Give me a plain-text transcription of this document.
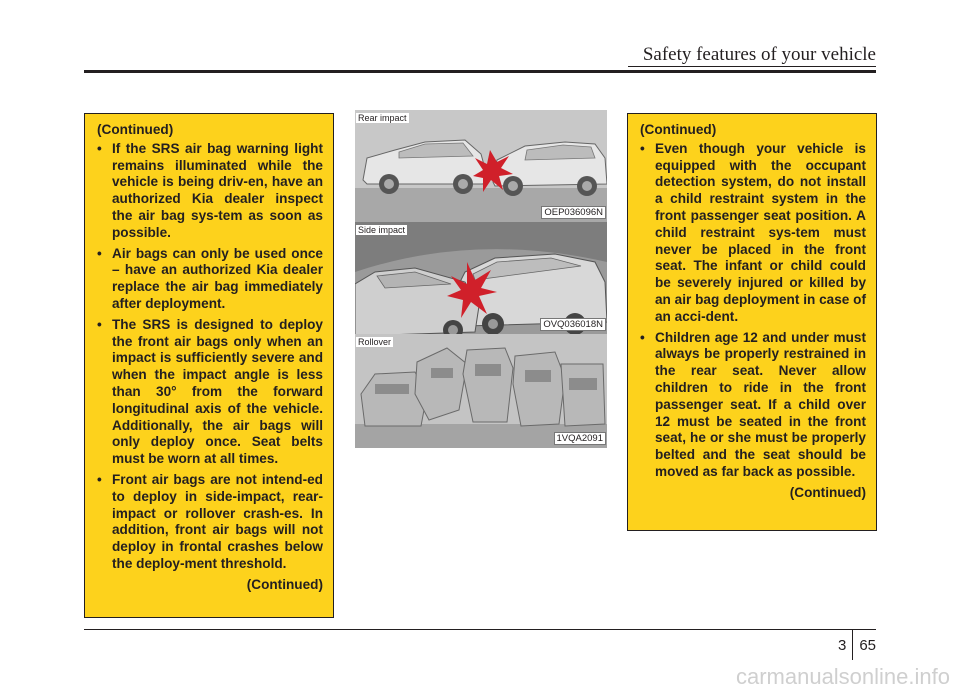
Safety features of your vehicle
(Continued)
• If the SRS air bag warning light remains illuminated while the vehicle is being driv-en, have an authorized Kia dealer inspect the air bag sys-tem as soon as possible.
• Air bags can only be used once – have an authorized Kia dealer replace the air bag immediately after deployment.
• The SRS is designed to deploy the front air bags only when an impact is sufficiently severe and when the impact angle is less than 30° from the forward longitudinal axis of the vehicle. Additionally, the air bags will only deploy once. Seat belts must be worn at all times.
• Front air bags are not intend-ed to deploy in side-impact, rear-impact or rollover crash-es. In addition, front air bags will not deploy in frontal crashes below the deploy-ment threshold.
(Continued)
Rear impact
OEP036096N
Side impact
OVQ036018N
Rollover
1VQA2091
(Continued)
• Even though your vehicle is equipped with the occupant detection system, do not install a child restraint system in the front passenger seat position. A child restraint sys-tem must never be placed in the front seat. The infant or child could be severely injured or killed by an air bag deployment in case of an acci-dent.
• Children age 12 and under must always be properly restrained in the rear seat. Never allow children to ride in the front passenger seat. If a child over 12 must be seated in the front seat, he or she must be properly belted and the seat should be moved as far back as possible.
(Continued)
3 65
carmanualsonline.info
